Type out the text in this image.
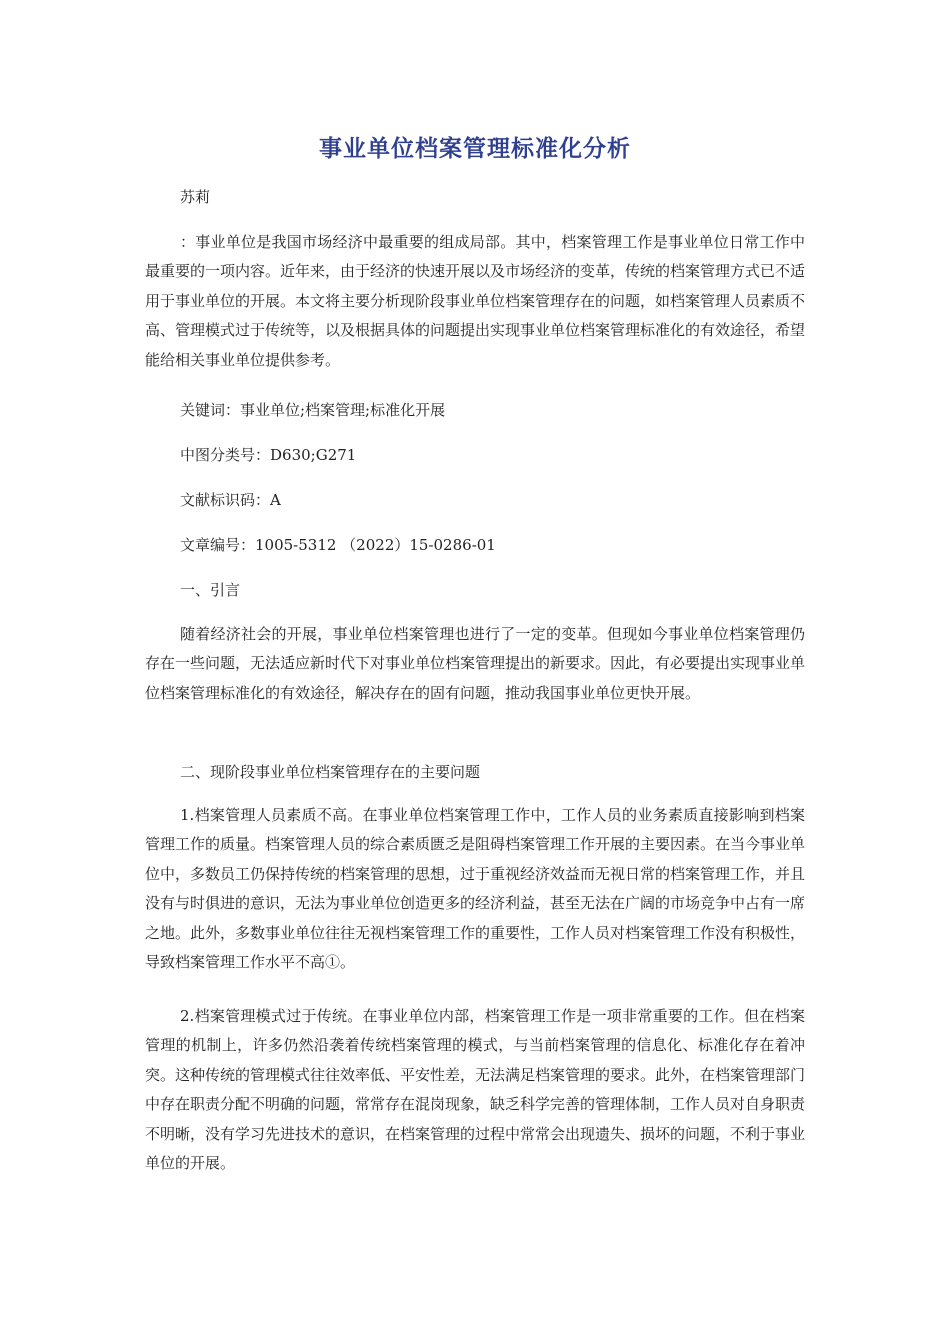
事业单位档案管理标准化分析

苏莉

：事业单位是我国市场经济中最重要的组成局部。其中，档案管理工作是事业单位日常工作中最重要的一项内容。近年来，由于经济的快速开展以及市场经济的变革，传统的档案管理方式已不适用于事业单位的开展。本文将主要分析现阶段事业单位档案管理存在的问题，如档案管理人员素质不高、管理模式过于传统等，以及根据具体的问题提出实现事业单位档案管理标准化的有效途径，希望能给相关事业单位提供参考。

关键词：事业单位;档案管理;标准化开展

中图分类号：D630;G271

文献标识码：A

文章编号：1005-5312 （2022）15-0286-01

一、引言

随着经济社会的开展，事业单位档案管理也进行了一定的变革。但现如今事业单位档案管理仍存在一些问题，无法适应新时代下对事业单位档案管理提出的新要求。因此，有必要提出实现事业单位档案管理标准化的有效途径，解决存在的固有问题，推动我国事业单位更快开展。

二、现阶段事业单位档案管理存在的主要问题

1.档案管理人员素质不高。在事业单位档案管理工作中，工作人员的业务素质直接影响到档案管理工作的质量。档案管理人员的综合素质匮乏是阻碍档案管理工作开展的主要因素。在当今事业单位中，多数员工仍保持传统的档案管理的思想，过于重视经济效益而无视日常的档案管理工作，并且没有与时俱进的意识，无法为事业单位创造更多的经济利益，甚至无法在广阔的市场竞争中占有一席之地。此外，多数事业单位往往无视档案管理工作的重要性，工作人员对档案管理工作没有积极性，导致档案管理工作水平不高①。

2.档案管理模式过于传统。在事业单位内部，档案管理工作是一项非常重要的工作。但在档案管理的机制上，许多仍然沿袭着传统档案管理的模式，与当前档案管理的信息化、标准化存在着冲突。这种传统的管理模式往往效率低、平安性差，无法满足档案管理的要求。此外，在档案管理部门中存在职责分配不明确的问题，常常存在混岗现象，缺乏科学完善的管理体制，工作人员对自身职责不明晰，没有学习先进技术的意识，在档案管理的过程中常常会出现遗失、损坏的问题，不利于事业单位的开展。
